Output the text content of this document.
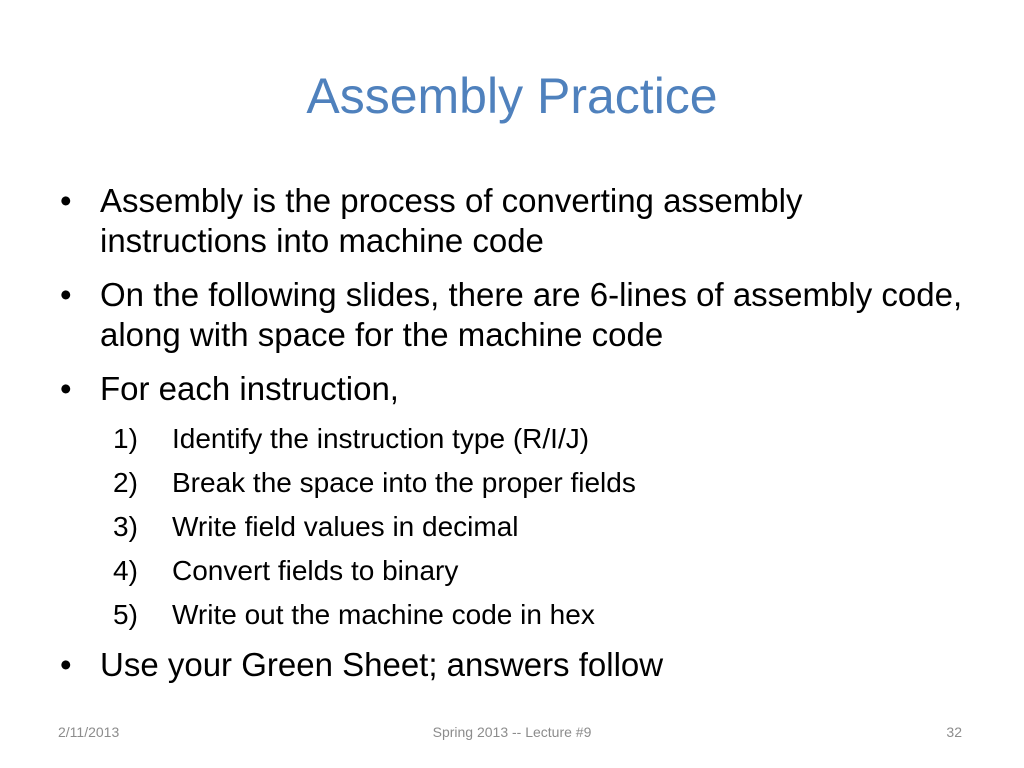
Assembly Practice
• Assembly is the process of converting assembly instructions into machine code
• On the following slides, there are 6-lines of assembly code, along with space for the machine code
• For each instruction,
1) Identify the instruction type (R/I/J)
2) Break the space into the proper fields
3) Write field values in decimal
4) Convert fields to binary
5) Write out the machine code in hex
• Use your Green Sheet; answers follow
2/11/2013	Spring 2013 -- Lecture #9	32
